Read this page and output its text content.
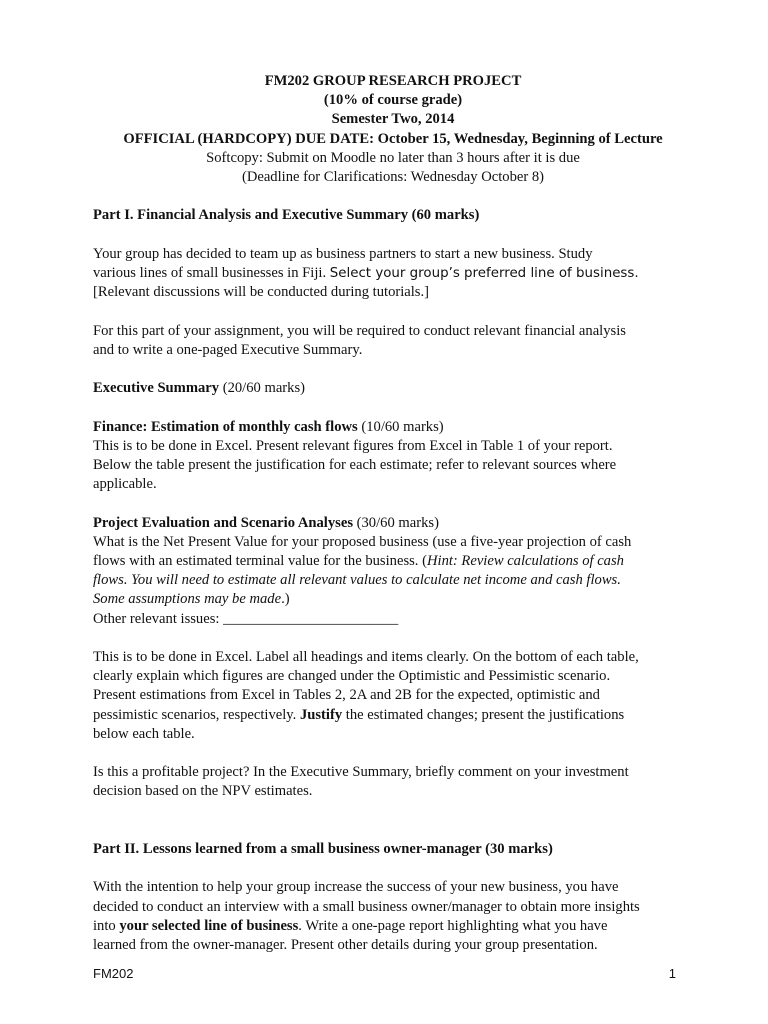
FM202 GROUP RESEARCH PROJECT

(10% of course grade)

Semester Two, 2014

OFFICIAL (HARDCOPY) DUE DATE: October 15, Wednesday, Beginning of Lecture

Softcopy: Submit on Moodle no later than 3 hours after it is due

(Deadline for Clarifications: Wednesday October 8)

Part I. Financial Analysis and Executive Summary (60 marks)

Your group has decided to team up as business partners to start a new business. Study

various lines of small businesses in Fiji. Select your group’s preferred line of business.

[Relevant discussions will be conducted during tutorials.]

For this part of your assignment, you will be required to conduct relevant financial analysis

and to write a one-paged Executive Summary.

Executive Summary (20/60 marks)

Finance: Estimation of monthly cash flows (10/60 marks)

This is to be done in Excel. Present relevant figures from Excel in Table 1 of your report.

Below the table present the justification for each estimate; refer to relevant sources where

applicable.

Project Evaluation and Scenario Analyses (30/60 marks)

What is the Net Present Value for your proposed business (use a five-year projection of cash

flows with an estimated terminal value for the business. (Hint: Review calculations of cash

flows. You will need to estimate all relevant values to calculate net income and cash flows.

Some assumptions may be made.)

Other relevant issues: ________________________

This is to be done in Excel. Label all headings and items clearly. On the bottom of each table,

clearly explain which figures are changed under the Optimistic and Pessimistic scenario.

Present estimations from Excel in Tables 2, 2A and 2B for the expected, optimistic and

pessimistic scenarios, respectively. Justify the estimated changes; present the justifications

below each table.

Is this a profitable project? In the Executive Summary, briefly comment on your investment

decision based on the NPV estimates.

Part II. Lessons learned from a small business owner-manager (30 marks)

With the intention to help your group increase the success of your new business, you have

decided to conduct an interview with a small business owner/manager to obtain more insights

into your selected line of business. Write a one-page report highlighting what you have

learned from the owner-manager. Present other details during your group presentation.

FM202	1
